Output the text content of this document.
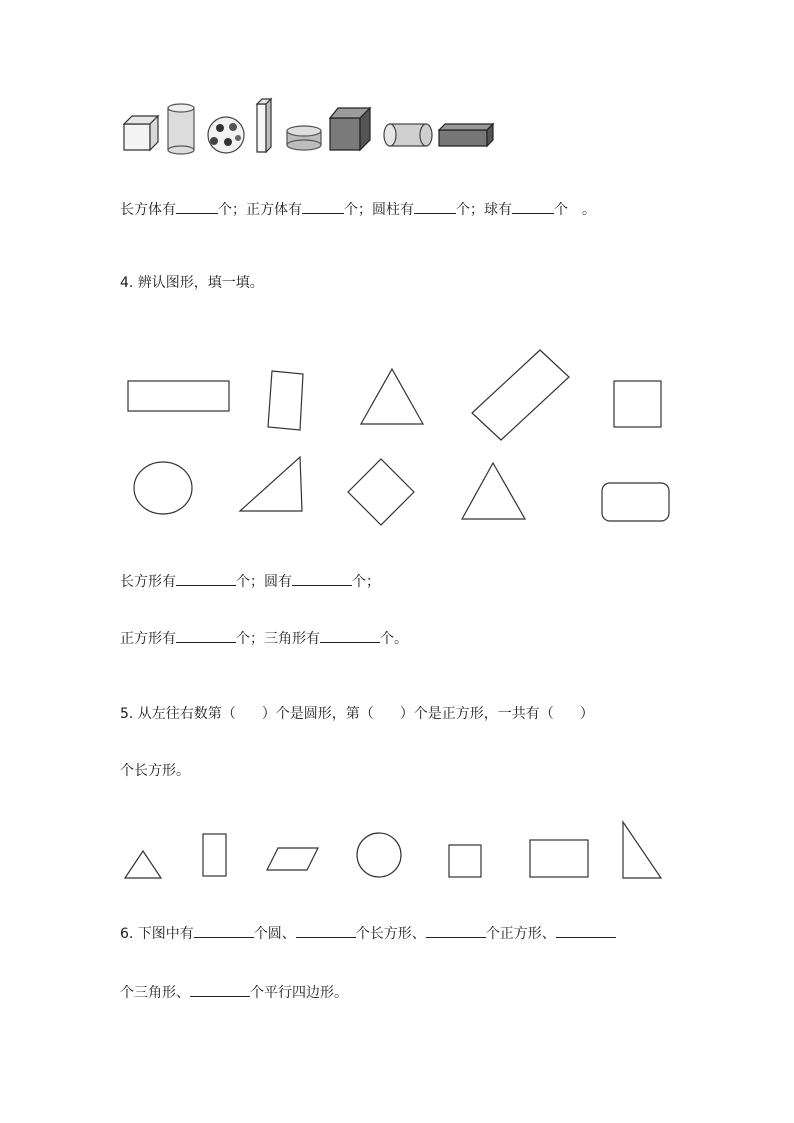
长方体有	个；正方体有	个；圆柱有	个；球有	个 。
4. 辨认图形，填一填。
长方形有	个；圆有	个；
正方形有	个；三角形有	个。
5. 从左往右数第（ ）个是圆形，第（ ）个是正方形，一共有（ ）
个长方形。
6. 下图中有	个圆、	个长方形、	个正方形、
个三角形、	个平行四边形。
